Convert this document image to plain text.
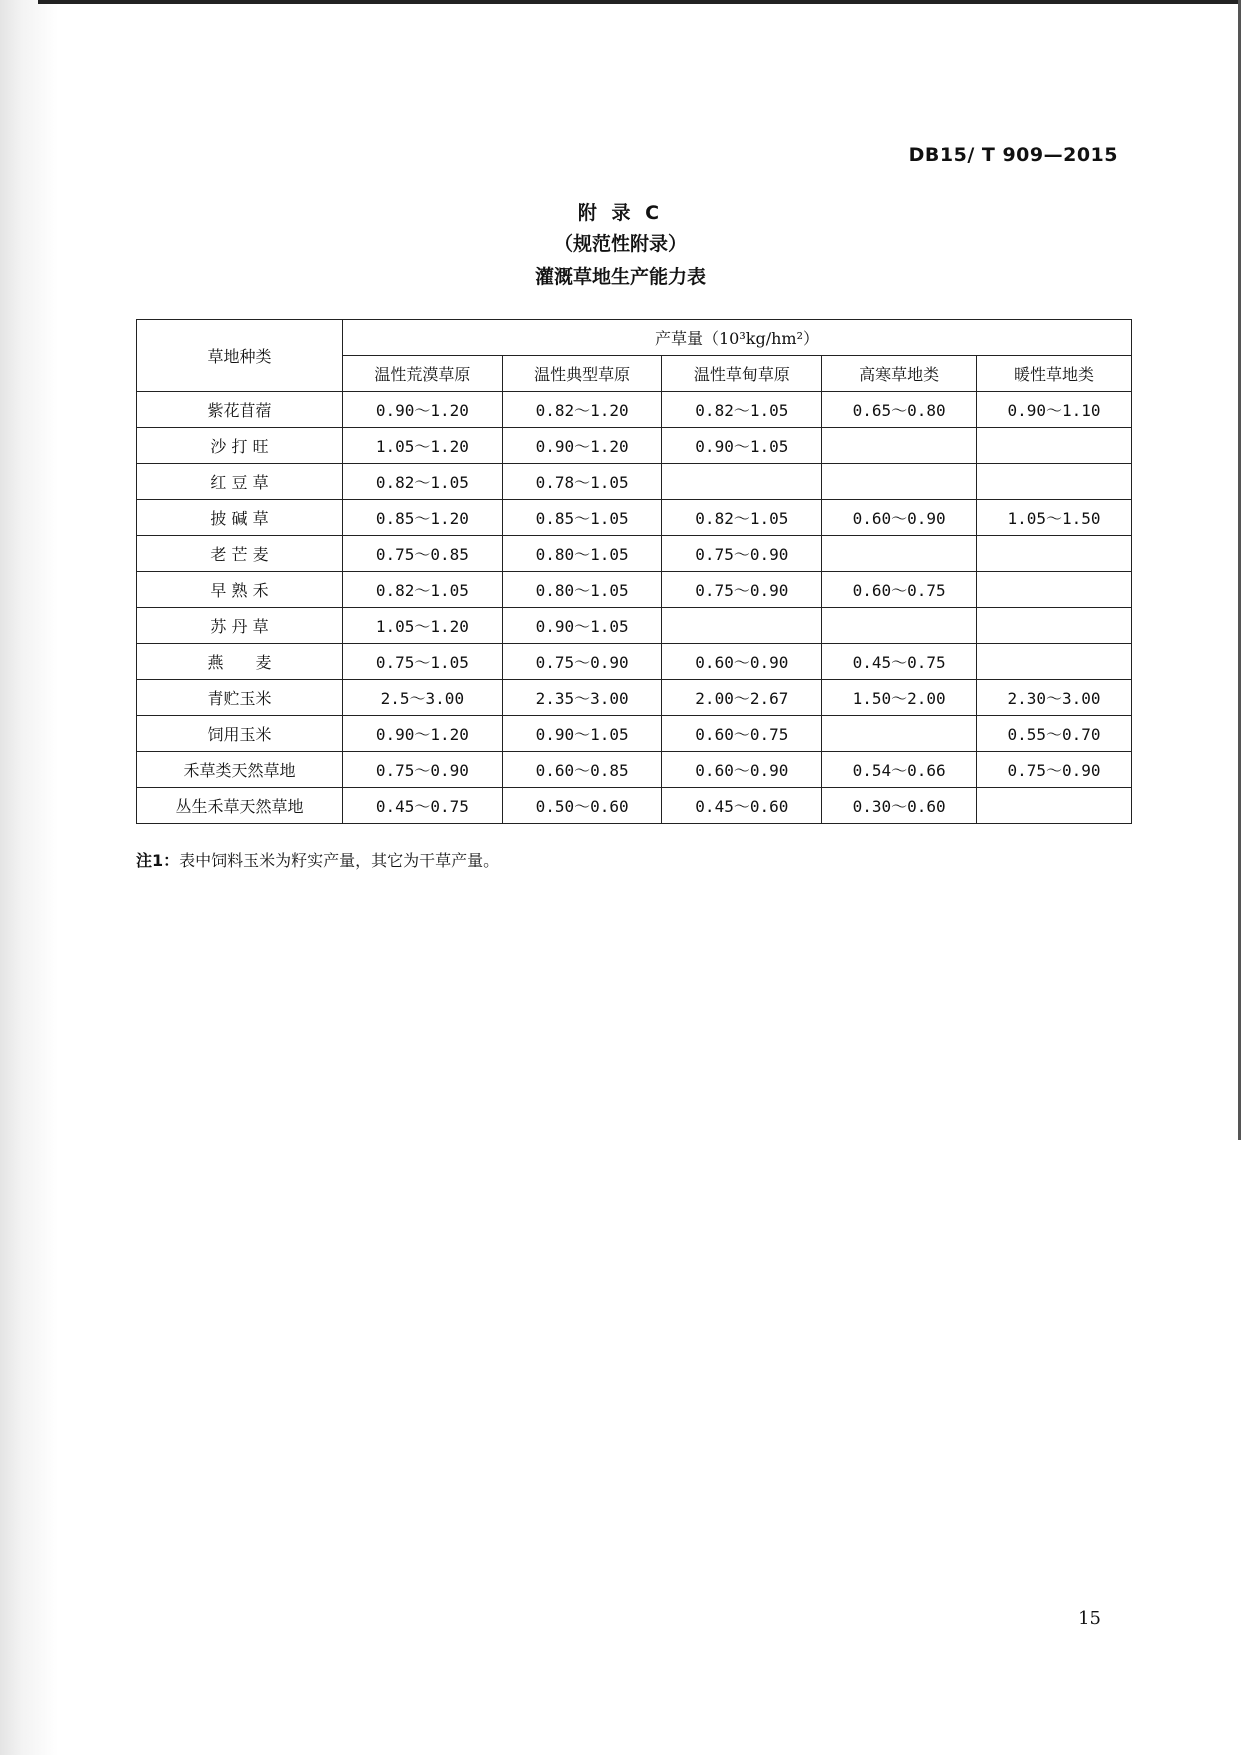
DB15/ T 909—2015
附 录 C
（规范性附录）
灌溉草地生产能力表
草地种类	产草量（10³kg/hm²）				
	温性荒漠草原	温性典型草原	温性草甸草原	高寒草地类	暖性草地类
紫花苜蓿	0.90～1.20	0.82～1.20	0.82～1.05	0.65～0.80	0.90～1.10
沙 打 旺	1.05～1.20	0.90～1.20	0.90～1.05		
红 豆 草	0.82～1.05	0.78～1.05			
披 碱 草	0.85～1.20	0.85～1.05	0.82～1.05	0.60～0.90	1.05～1.50
老 芒 麦	0.75～0.85	0.80～1.05	0.75～0.90		
早 熟 禾	0.82～1.05	0.80～1.05	0.75～0.90	0.60～0.75	
苏 丹 草	1.05～1.20	0.90～1.05			
燕　　麦	0.75～1.05	0.75～0.90	0.60～0.90	0.45～0.75	
青贮玉米	2.5～3.00	2.35～3.00	2.00～2.67	1.50～2.00	2.30～3.00
饲用玉米	0.90～1.20	0.90～1.05	0.60～0.75		0.55～0.70
禾草类天然草地	0.75～0.90	0.60～0.85	0.60～0.90	0.54～0.66	0.75～0.90
丛生禾草天然草地	0.45～0.75	0.50～0.60	0.45～0.60	0.30～0.60	
注1：表中饲料玉米为籽实产量，其它为干草产量。
15
